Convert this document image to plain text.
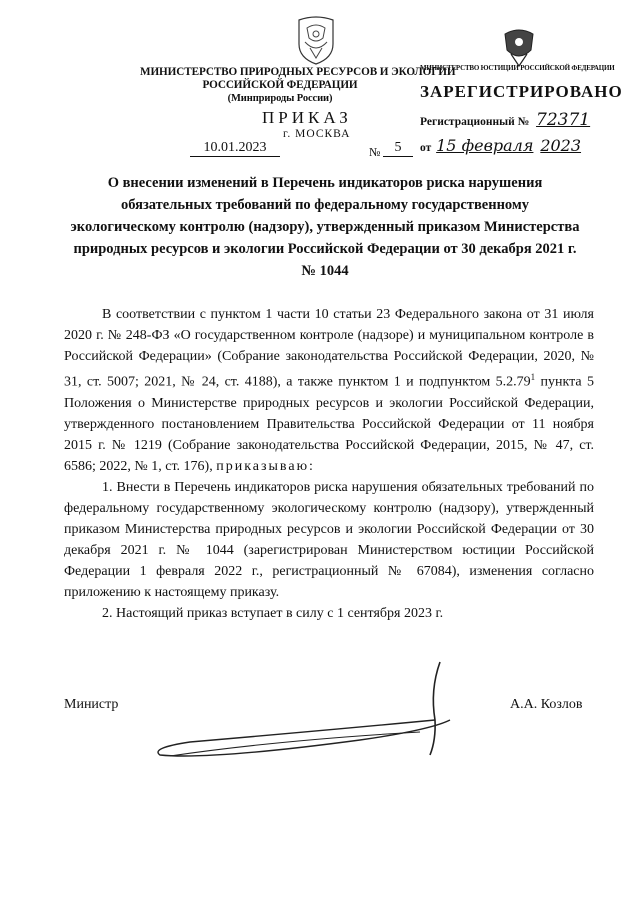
МИНИСТЕРСТВО ПРИРОДНЫХ РЕСУРСОВ И ЭКОЛОГИИ
РОССИЙСКОЙ ФЕДЕРАЦИИ
(Минприроды России)
ПРИКАЗ
г. МОСКВА
10.01.2023	№	5
МИНИСТЕРСТВО ЮСТИЦИИ РОССИЙСКОЙ ФЕДЕРАЦИИ
ЗАРЕГИСТРИРОВАНО
Регистрационный № 72371
от 15 февраля 2023
О внесении изменений в Перечень индикаторов риска нарушения обязательных требований по федеральному государственному экологическому контролю (надзору), утвержденный приказом Министерства природных ресурсов и экологии Российской Федерации от 30 декабря 2021 г. № 1044

В соответствии с пунктом 1 части 10 статьи 23 Федерального закона от 31 июля 2020 г. № 248-ФЗ «О государственном контроле (надзоре) и муниципальном контроле в Российской Федерации» (Собрание законодательства Российской Федерации, 2020, № 31, ст. 5007; 2021, № 24, ст. 4188), а также пунктом 1 и подпунктом 5.2.79$^1$ пункта 5 Положения о Министерстве природных ресурсов и экологии Российской Федерации, утвержденного постановлением Правительства Российской Федерации от 11 ноября 2015 г. № 1219 (Собрание законодательства Российской Федерации, 2015, № 47, ст. 6586; 2022, № 1, ст. 176), приказываю:

1. Внести в Перечень индикаторов риска нарушения обязательных требований по федеральному государственному экологическому контролю (надзору), утвержденный приказом Министерства природных ресурсов и экологии Российской Федерации от 30 декабря 2021 г. № 1044 (зарегистрирован Министерством юстиции Российской Федерации 1 февраля 2022 г., регистрационный № 67084), изменения согласно приложению к настоящему приказу.

2. Настоящий приказ вступает в силу с 1 сентября 2023 г.

Министр	А.А. Козлов
